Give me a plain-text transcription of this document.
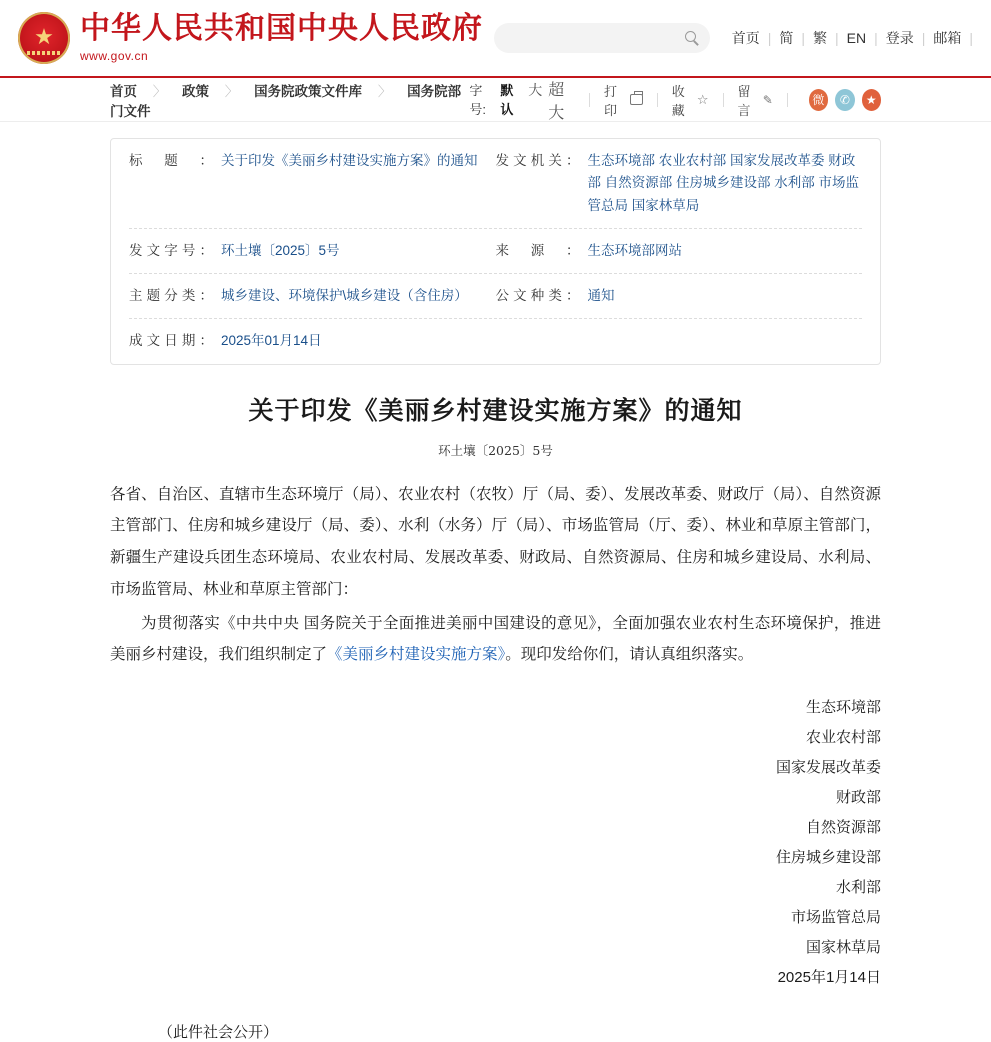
★
中华人民共和国中央人民政府
www.gov.cn
首页 | 简 | 繁 | EN | 登录 | 邮箱 |
首页 〉 政策 〉 国务院政策文件库 〉 国务院部门文件
字号:
默认
大 超大
打印
收藏
☆
留言
✎	微	✆	★
标题 ：	关于印发《美丽乡村建设实施方案》的通知	发文机关 ：	生态环境部 农业农村部 国家发展改革委 财政部 自然资源部 住房城乡建设部 水利部 市场监管总局 国家林草局
发文字号 ：	环土壤〔2025〕5号	来源 ：	生态环境部网站
主题分类 ：	城乡建设、环境保护\城乡建设（含住房）	公文种类 ：	通知
成文日期 ：	2025年01月14日
关于印发《美丽乡村建设实施方案》的通知
环土壤〔2025〕5号

各省、自治区、直辖市生态环境厅（局）、农业农村（农牧）厅（局、委）、发展改革委、财政厅（局）、自然资源主管部门、住房和城乡建设厅（局、委）、水利（水务）厅（局）、市场监管局（厅、委）、林业和草原主管部门，新疆生产建设兵团生态环境局、农业农村局、发展改革委、财政局、自然资源局、住房和城乡建设局、水利局、市场监管局、林业和草原主管部门：

为贯彻落实《中共中央 国务院关于全面推进美丽中国建设的意见》，全面加强农业农村生态环境保护，推进美丽乡村建设，我们组织制定了《美丽乡村建设实施方案》。现印发给你们，请认真组织落实。

生态环境部
农业农村部
国家发展改革委
财政部
自然资源部
住房城乡建设部
水利部
市场监管总局
国家林草局
2025年1月14日
（此件社会公开）
